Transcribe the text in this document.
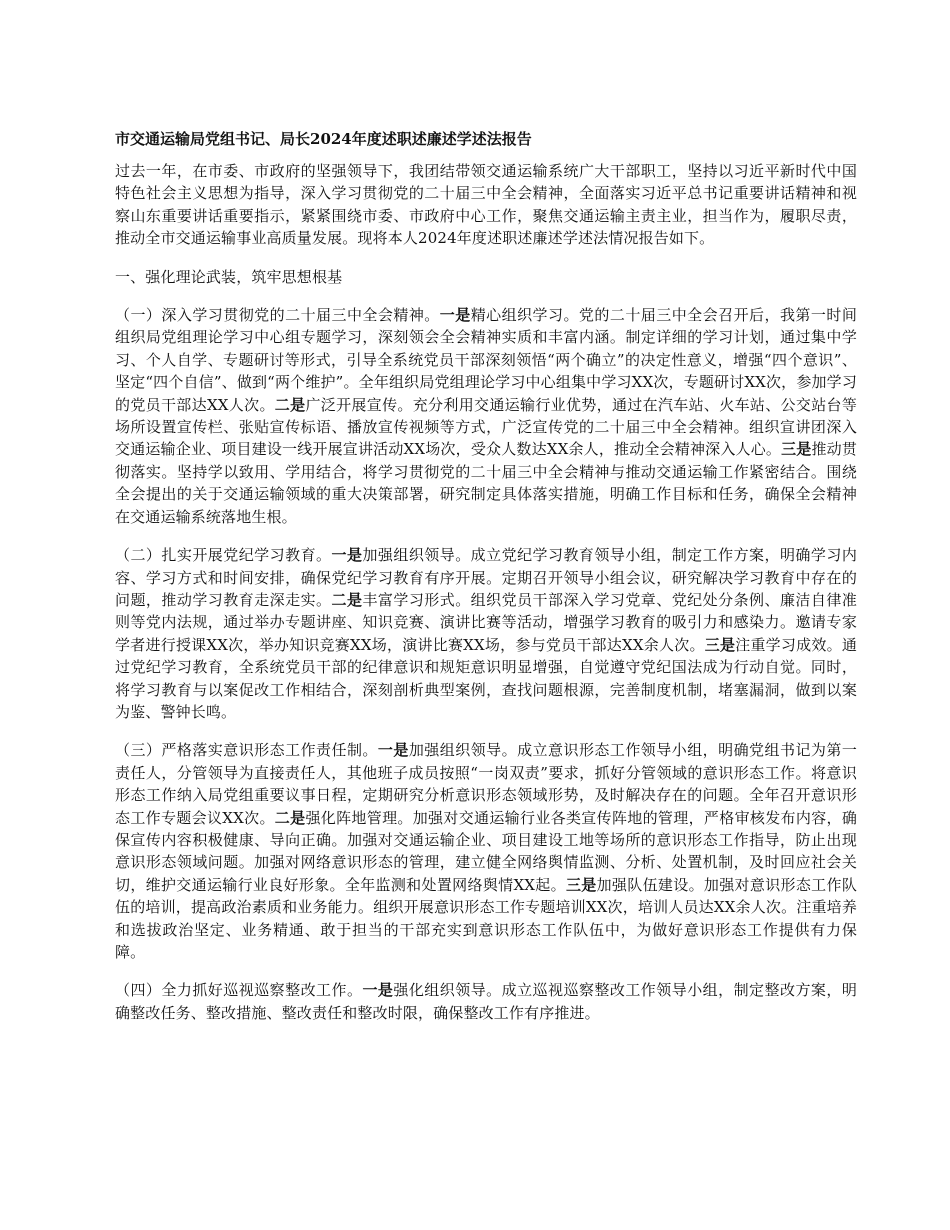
市交通运输局党组书记、局长2024年度述职述廉述学述法报告

过去一年，在市委、市政府的坚强领导下，我团结带领交通运输系统广大干部职工，坚持以习近平新时代中国特色社会主义思想为指导，深入学习贯彻党的二十届三中全会精神，全面落实习近平总书记重要讲话精神和视察山东重要讲话重要指示，紧紧围绕市委、市政府中心工作，聚焦交通运输主责主业，担当作为，履职尽责，推动全市交通运输事业高质量发展。现将本人2024年度述职述廉述学述法情况报告如下。

一、强化理论武装，筑牢思想根基

（一）深入学习贯彻党的二十届三中全会精神。一是精心组织学习。党的二十届三中全会召开后，我第一时间组织局党组理论学习中心组专题学习，深刻领会全会精神实质和丰富内涵。制定详细的学习计划，通过集中学习、个人自学、专题研讨等形式，引导全系统党员干部深刻领悟“两个确立”的决定性意义，增强“四个意识”、坚定“四个自信”、做到“两个维护”。全年组织局党组理论学习中心组集中学习XX次，专题研讨XX次，参加学习的党员干部达XX人次。二是广泛开展宣传。充分利用交通运输行业优势，通过在汽车站、火车站、公交站台等场所设置宣传栏、张贴宣传标语、播放宣传视频等方式，广泛宣传党的二十届三中全会精神。组织宣讲团深入交通运输企业、项目建设一线开展宣讲活动XX场次，受众人数达XX余人，推动全会精神深入人心。三是推动贯彻落实。坚持学以致用、学用结合，将学习贯彻党的二十届三中全会精神与推动交通运输工作紧密结合。围绕全会提出的关于交通运输领域的重大决策部署，研究制定具体落实措施，明确工作目标和任务，确保全会精神在交通运输系统落地生根。

（二）扎实开展党纪学习教育。一是加强组织领导。成立党纪学习教育领导小组，制定工作方案，明确学习内容、学习方式和时间安排，确保党纪学习教育有序开展。定期召开领导小组会议，研究解决学习教育中存在的问题，推动学习教育走深走实。二是丰富学习形式。组织党员干部深入学习党章、党纪处分条例、廉洁自律准则等党内法规，通过举办专题讲座、知识竞赛、演讲比赛等活动，增强学习教育的吸引力和感染力。邀请专家学者进行授课XX次，举办知识竞赛XX场，演讲比赛XX场，参与党员干部达XX余人次。三是注重学习成效。通过党纪学习教育，全系统党员干部的纪律意识和规矩意识明显增强，自觉遵守党纪国法成为行动自觉。同时，将学习教育与以案促改工作相结合，深刻剖析典型案例，查找问题根源，完善制度机制，堵塞漏洞，做到以案为鉴、警钟长鸣。

（三）严格落实意识形态工作责任制。一是加强组织领导。成立意识形态工作领导小组，明确党组书记为第一责任人，分管领导为直接责任人，其他班子成员按照“一岗双责”要求，抓好分管领域的意识形态工作。将意识形态工作纳入局党组重要议事日程，定期研究分析意识形态领域形势，及时解决存在的问题。全年召开意识形态工作专题会议XX次。二是强化阵地管理。加强对交通运输行业各类宣传阵地的管理，严格审核发布内容，确保宣传内容积极健康、导向正确。加强对交通运输企业、项目建设工地等场所的意识形态工作指导，防止出现意识形态领域问题。加强对网络意识形态的管理，建立健全网络舆情监测、分析、处置机制，及时回应社会关切，维护交通运输行业良好形象。全年监测和处置网络舆情XX起。三是加强队伍建设。加强对意识形态工作队伍的培训，提高政治素质和业务能力。组织开展意识形态工作专题培训XX次，培训人员达XX余人次。注重培养和选拔政治坚定、业务精通、敢于担当的干部充实到意识形态工作队伍中，为做好意识形态工作提供有力保障。

（四）全力抓好巡视巡察整改工作。一是强化组织领导。成立巡视巡察整改工作领导小组，制定整改方案，明确整改任务、整改措施、整改责任和整改时限，确保整改工作有序推进。
